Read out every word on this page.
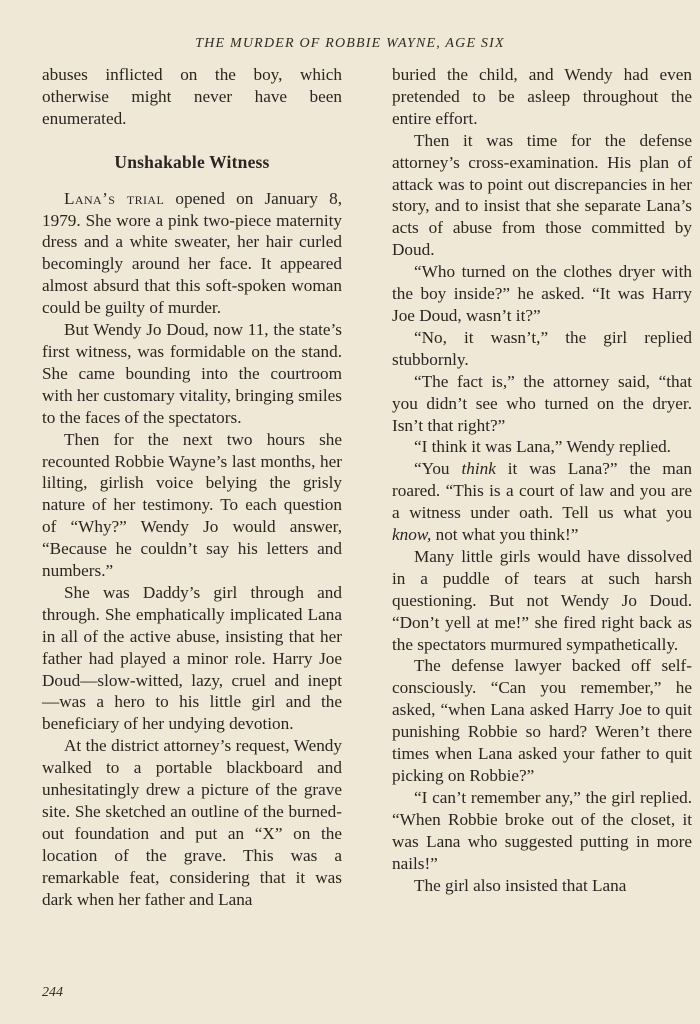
THE MURDER OF ROBBIE WAYNE, AGE SIX

abuses inflicted on the boy, which otherwise might never have been enumerated.

Unshakable Witness

Lana’s trial opened on January 8, 1979. She wore a pink two-piece maternity dress and a white sweater, her hair curled becomingly around her face. It appeared almost absurd that this soft-spoken woman could be guilty of murder.

But Wendy Jo Doud, now 11, the state’s first witness, was formidable on the stand. She came bounding into the courtroom with her customary vitality, bringing smiles to the faces of the spectators.

Then for the next two hours she recounted Robbie Wayne’s last months, her lilting, girlish voice belying the grisly nature of her testimony. To each question of “Why?” Wendy Jo would answer, “Because he couldn’t say his letters and numbers.”

She was Daddy’s girl through and through. She emphatically implicated Lana in all of the active abuse, insisting that her father had played a minor role. Harry Joe Doud—slow-witted, lazy, cruel and inept—was a hero to his little girl and the beneficiary of her undying devotion.

At the district attorney’s request, Wendy walked to a portable blackboard and unhesitatingly drew a picture of the grave site. She sketched an outline of the burned-out foundation and put an “X” on the location of the grave. This was a remarkable feat, considering that it was dark when her father and Lana

buried the child, and Wendy had even pretended to be asleep throughout the entire effort.

Then it was time for the defense attorney’s cross-examination. His plan of attack was to point out discrepancies in her story, and to insist that she separate Lana’s acts of abuse from those committed by Doud.

“Who turned on the clothes dryer with the boy inside?” he asked. “It was Harry Joe Doud, wasn’t it?”

“No, it wasn’t,” the girl replied stubbornly.

“The fact is,” the attorney said, “that you didn’t see who turned on the dryer. Isn’t that right?”

“I think it was Lana,” Wendy replied.

“You think it was Lana?” the man roared. “This is a court of law and you are a witness under oath. Tell us what you know, not what you think!”

Many little girls would have dissolved in a puddle of tears at such harsh questioning. But not Wendy Jo Doud. “Don’t yell at me!” she fired right back as the spectators murmured sympathetically.

The defense lawyer backed off self-consciously. “Can you remember,” he asked, “when Lana asked Harry Joe to quit punishing Robbie so hard? Weren’t there times when Lana asked your father to quit picking on Robbie?”

“I can’t remember any,” the girl replied. “When Robbie broke out of the closet, it was Lana who suggested putting in more nails!”

The girl also insisted that Lana

244
